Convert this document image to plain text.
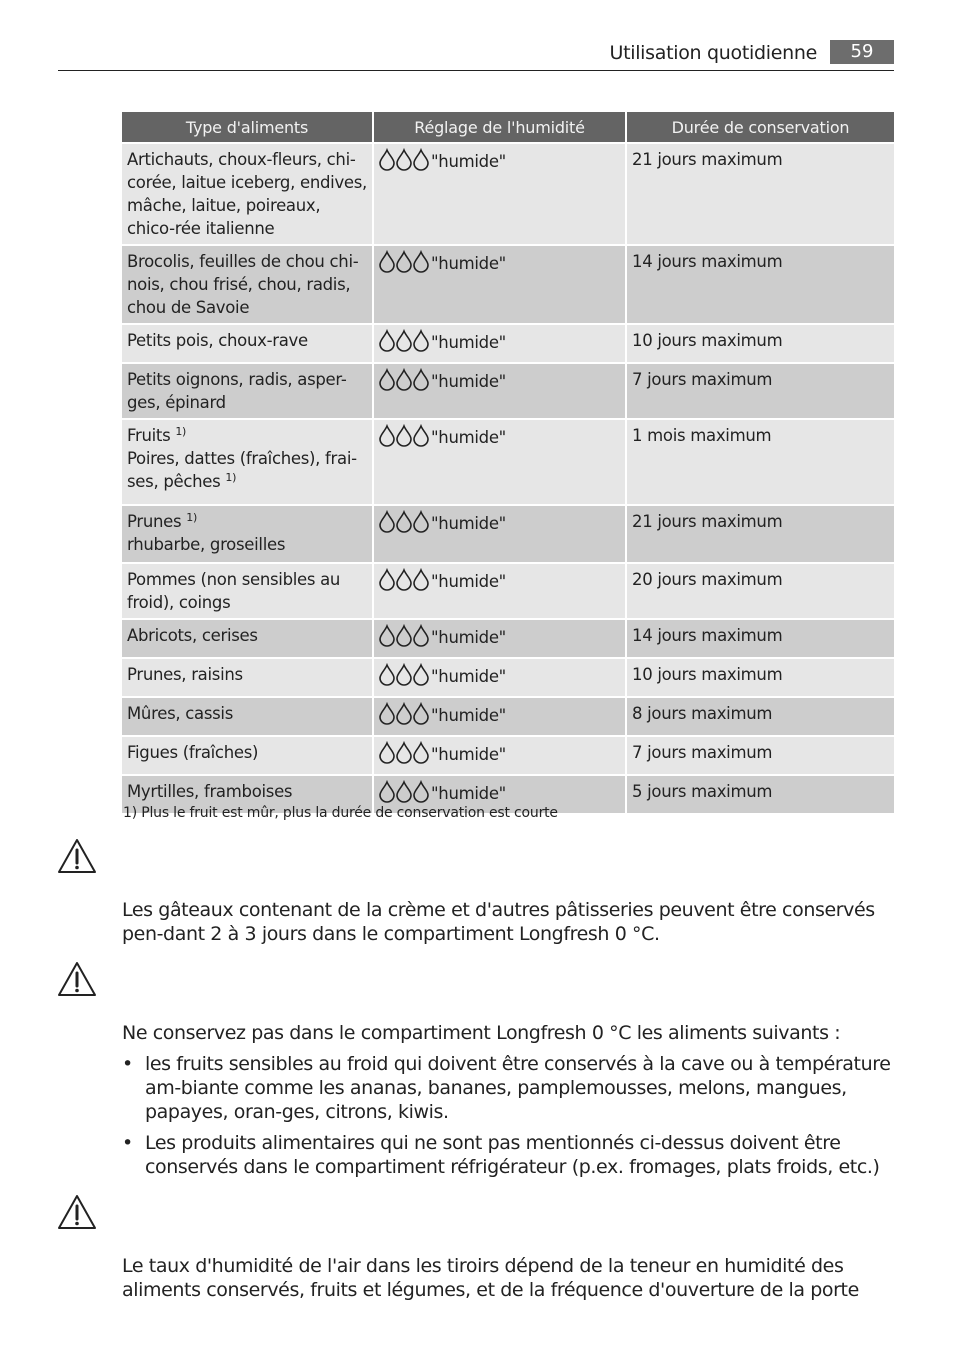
Utilisation quotidienne	59
Type d'aliments	Réglage de l'humidité	Durée de conservation
Artichauts, choux-fleurs, chi-corée, laitue iceberg, endives, mâche, laitue, poireaux, chico-rée italienne	"humide"	21 jours maximum
Brocolis, feuilles de chou chi-nois, chou frisé, chou, radis, chou de Savoie	"humide"	14 jours maximum
Petits pois, choux-rave	"humide"	10 jours maximum
Petits oignons, radis, asper-ges, épinard	"humide"	7 jours maximum
Fruits $^{1)}$
Poires, dattes (fraîches), frai-ses, pêches $^{1)}$	"humide"	1 mois maximum
Prunes $^{1)}$
rhubarbe, groseilles	"humide"	21 jours maximum
Pommes (non sensibles au froid), coings	"humide"	20 jours maximum
Abricots, cerises	"humide"	14 jours maximum
Prunes, raisins	"humide"	10 jours maximum
Mûres, cassis	"humide"	8 jours maximum
Figues (fraîches)	"humide"	7 jours maximum
Myrtilles, framboises	"humide"	5 jours maximum
1) Plus le fruit est mûr, plus la durée de conservation est courte
Les gâteaux contenant de la crème et d'autres pâtisseries peuvent être conservés pen-dant 2 à 3 jours dans le compartiment Longfresh 0 °C.
Ne conservez pas dans le compartiment Longfresh 0 °C les aliments suivants :
• les fruits sensibles au froid qui doivent être conservés à la cave ou à température am-biante comme les ananas, bananes, pamplemousses, melons, mangues, papayes, oran-ges, citrons, kiwis.
• Les produits alimentaires qui ne sont pas mentionnés ci-dessus doivent être conservés dans le compartiment réfrigérateur (p.ex. fromages, plats froids, etc.)
Le taux d'humidité de l'air dans les tiroirs dépend de la teneur en humidité des aliments conservés, fruits et légumes, et de la fréquence d'ouverture de la porte
